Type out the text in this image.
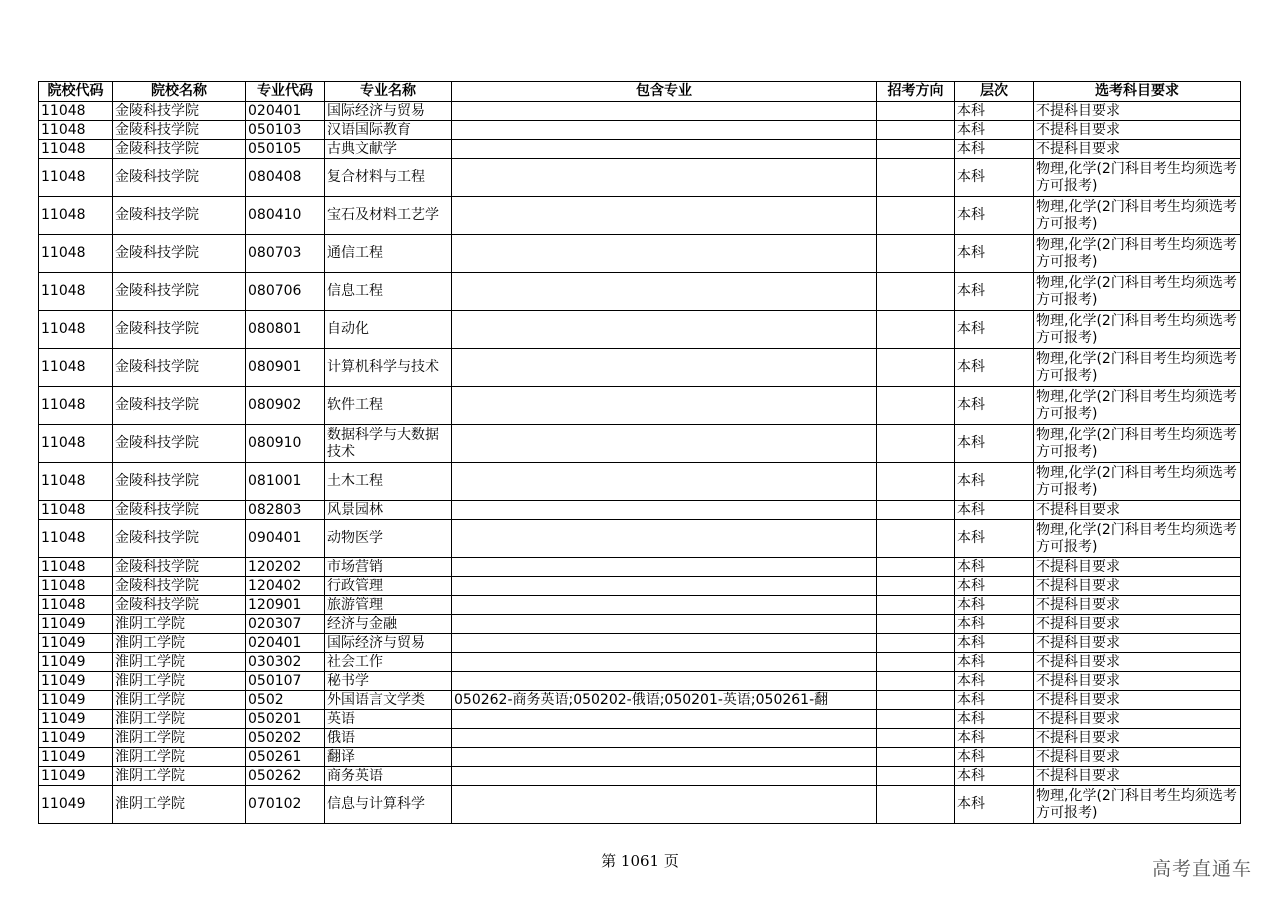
院校代码	院校名称	专业代码	专业名称	包含专业	招考方向	层次	选考科目要求
11048	金陵科技学院	020401	国际经济与贸易			本科	不提科目要求
11048	金陵科技学院	050103	汉语国际教育			本科	不提科目要求
11048	金陵科技学院	050105	古典文献学			本科	不提科目要求
11048	金陵科技学院	080408	复合材料与工程			本科	物理,化学(2门科目考生均须选考方可报考)
11048	金陵科技学院	080410	宝石及材料工艺学			本科	物理,化学(2门科目考生均须选考方可报考)
11048	金陵科技学院	080703	通信工程			本科	物理,化学(2门科目考生均须选考方可报考)
11048	金陵科技学院	080706	信息工程			本科	物理,化学(2门科目考生均须选考方可报考)
11048	金陵科技学院	080801	自动化			本科	物理,化学(2门科目考生均须选考方可报考)
11048	金陵科技学院	080901	计算机科学与技术			本科	物理,化学(2门科目考生均须选考方可报考)
11048	金陵科技学院	080902	软件工程			本科	物理,化学(2门科目考生均须选考方可报考)
11048	金陵科技学院	080910	数据科学与大数据技术			本科	物理,化学(2门科目考生均须选考方可报考)
11048	金陵科技学院	081001	土木工程			本科	物理,化学(2门科目考生均须选考方可报考)
11048	金陵科技学院	082803	风景园林			本科	不提科目要求
11048	金陵科技学院	090401	动物医学			本科	物理,化学(2门科目考生均须选考方可报考)
11048	金陵科技学院	120202	市场营销			本科	不提科目要求
11048	金陵科技学院	120402	行政管理			本科	不提科目要求
11048	金陵科技学院	120901	旅游管理			本科	不提科目要求
11049	淮阴工学院	020307	经济与金融			本科	不提科目要求
11049	淮阴工学院	020401	国际经济与贸易			本科	不提科目要求
11049	淮阴工学院	030302	社会工作			本科	不提科目要求
11049	淮阴工学院	050107	秘书学			本科	不提科目要求
11049	淮阴工学院	0502	外国语言文学类	050262-商务英语;050202-俄语;050201-英语;050261-翻		本科	不提科目要求
11049	淮阴工学院	050201	英语			本科	不提科目要求
11049	淮阴工学院	050202	俄语			本科	不提科目要求
11049	淮阴工学院	050261	翻译			本科	不提科目要求
11049	淮阴工学院	050262	商务英语			本科	不提科目要求
11049	淮阴工学院	070102	信息与计算科学			本科	物理,化学(2门科目考生均须选考方可报考)
第 1061 页	高考直通车
